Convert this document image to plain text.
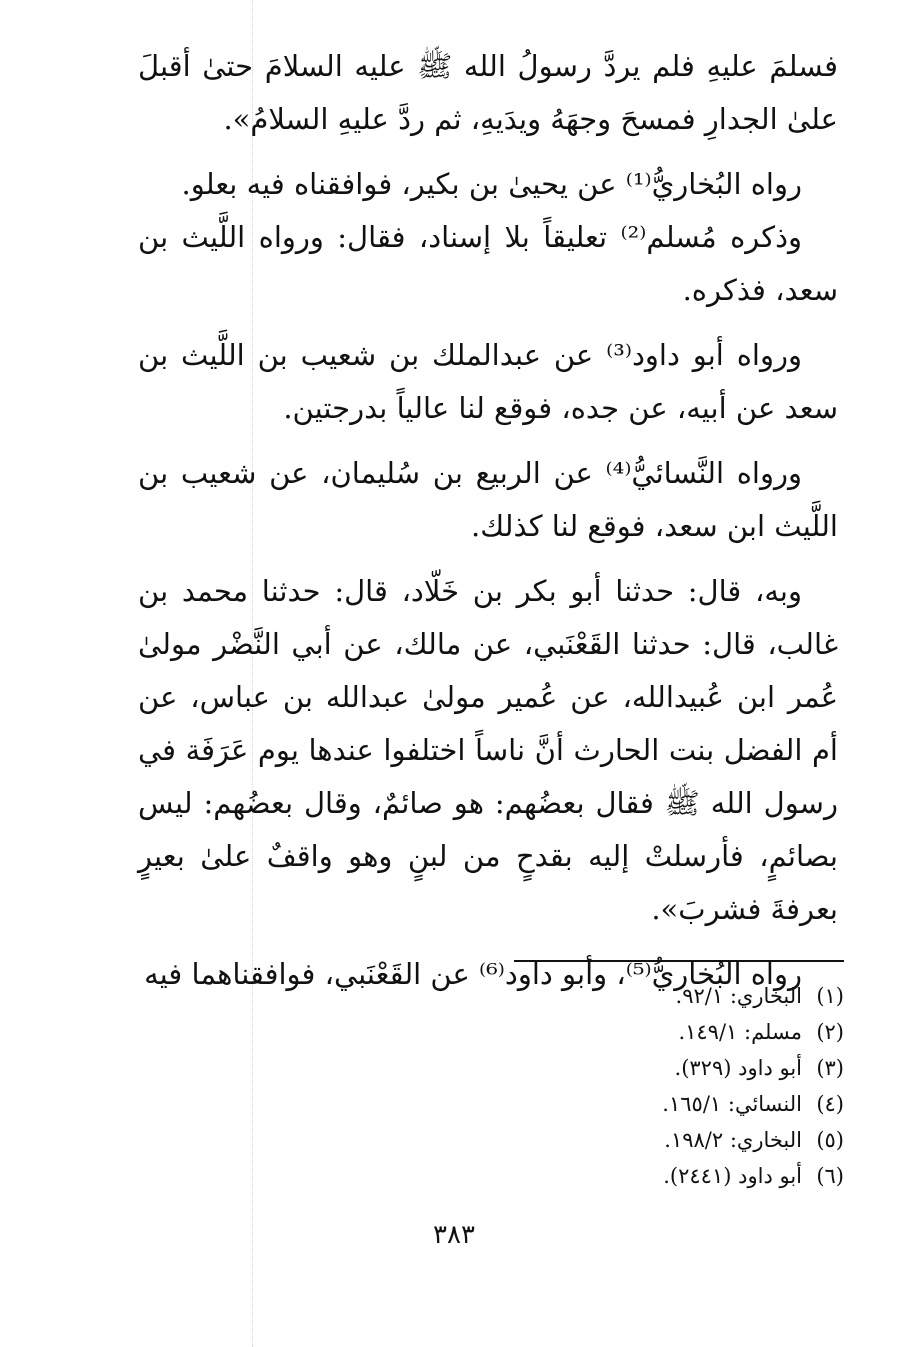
فسلمَ عليهِ فلم يردَّ رسولُ الله ﷺ عليه السلامَ حتىٰ أقبلَ علىٰ الجدارِ فمسحَ وجهَهُ ويدَيهِ، ثم ردَّ عليهِ السلامُ».

رواه البُخاريُّ⁽¹⁾ عن يحيىٰ بن بكير، فوافقناه فيه بعلو.

وذكره مُسلم⁽²⁾ تعليقاً بلا إسناد، فقال: ورواه اللَّيث بن سعد، فذكره.

ورواه أبو داود⁽³⁾ عن عبدالملك بن شعيب بن اللَّيث بن سعد عن أبيه، عن جده، فوقع لنا عالياً بدرجتين.

ورواه النَّسائيُّ⁽⁴⁾ عن الربيع بن سُليمان، عن شعيب بن اللَّيث ابن سعد، فوقع لنا كذلك.

وبه، قال: حدثنا أبو بكر بن خَلّاد، قال: حدثنا محمد بن غالب، قال: حدثنا القَعْنَبي، عن مالك، عن أبي النَّضْر مولىٰ عُمر ابن عُبيدالله، عن عُمير مولىٰ عبدالله بن عباس، عن أم الفضل بنت الحارث أنَّ ناساً اختلفوا عندها يوم عَرَفَة في رسول الله ﷺ فقال بعضُهم: هو صائمٌ، وقال بعضُهم: ليس بصائمٍ، فأرسلتْ إليه بقدحٍ من لبنٍ وهو واقفٌ علىٰ بعيرٍ بعرفةَ فشربَ».

رواه البُخاريُّ⁽⁵⁾، وأبو داود⁽⁶⁾ عن القَعْنَبي، فوافقناهما فيه

(١)البخاري: ٩٢/١.
(٢)مسلم: ١٤٩/١.
(٣)أبو داود (٣٢٩).
(٤)النسائي: ١٦٥/١.
(٥)البخاري: ١٩٨/٢.
(٦)أبو داود (٢٤٤١).
٣٨٣
